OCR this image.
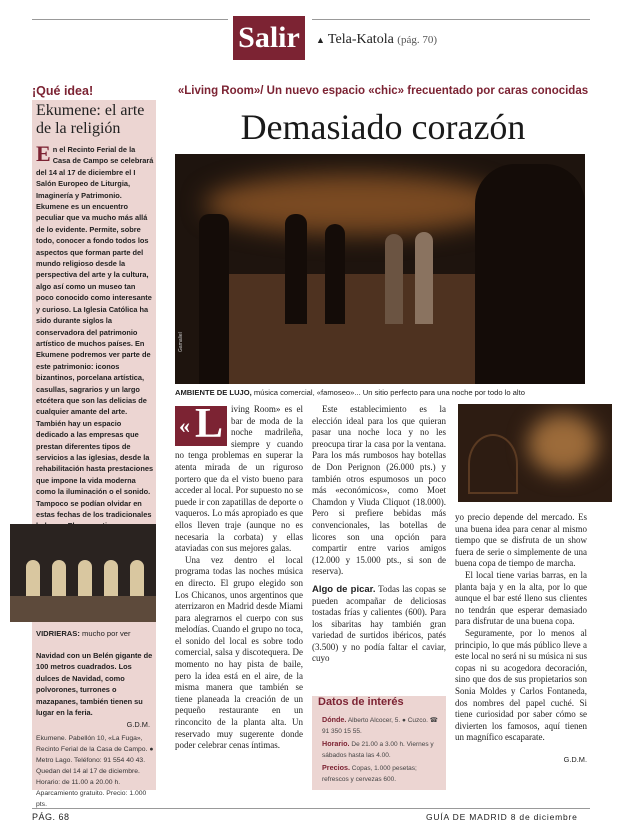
Salir	▲ Tela-Katola (pág. 70)
¡Qué idea!
Ekumene: el arte de la religión
En el Recinto Ferial de la Casa de Campo se celebrará del 14 al 17 de diciembre el I Salón Europeo de Liturgia, Imaginería y Patrimonio. Ekumene es un encuentro peculiar que va mucho más allá de lo evidente. Permite, sobre todo, conocer a fondo todos los aspectos que forman parte del mundo religioso desde la perspectiva del arte y la cultura, algo así como un museo tan poco conocido como interesante y curioso. La Iglesia Católica ha sido durante siglos la conservadora del patrimonio artístico de muchos países. En Ekumene podremos ver parte de este patrimonio: iconos bizantinos, porcelana artística, casullas, sagrarios y un largo etcétera que son las delicias de cualquier amante del arte. También hay un espacio dedicado a las empresas que prestan diferentes tipos de servicios a las iglesias, desde la rehabilitación hasta prestaciones que impone la vida moderna como la iluminación o el sonido. Tampoco se podían olvidar en estas fechas de los tradicionales
VIDRIERAS: mucho por ver
Navidad con un Belén gigante de 100 metros cuadrados. Los dulces de Navidad, como polvorones, turrones o mazapanes, también tienen su lugar en la feria.
G.D.M.
Ekumene. Pabellón 10, «La Fuga», Recinto Ferial de la Casa de Campo. ● Metro Lago. Teléfono: 91 554 40 43. Quedan del 14 al 17 de diciembre. Horario: de 11.00 a 20.00 h. Aparcamiento gratuito. Precio: 1.000 pts.
«Living Room»/ Un nuevo espacio «chic» frecuentado por caras conocidas
Demasiado corazón
Gamaliel
AMBIENTE DE LUJO, música comercial, «famoseo»... Un sitio perfecto para una noche por todo lo alto
« L iving Room» es el bar de moda de la noche madrileña, siempre y cuando no tenga problemas en superar la atenta mirada de un riguroso portero que da el visto bueno para acceder al local. Por supuesto no se puede ir con zapatillas de deporte o vaqueros. Lo más apropiado es que ellos lleven traje (aunque no es necesaria la corbata) y ellas ataviadas con sus mejores galas.

Una vez dentro el local programa todas las noches música en directo. El grupo elegido son Los Chicanos, unos argentinos que aterrizaron en Madrid desde Miami para alegrarnos el cuerpo con sus melodías. Cuando el grupo no toca, el sonido del local es sobre todo comercial, salsa y discotequera. De momento no hay pista de baile, pero la idea está en el aire, de la misma manera que también se tiene planeada la creación de un pequeño restaurante en un rinconcito de la planta alta. Un reservado muy sugerente donde poder celebrar cenas íntimas.

Este establecimiento es la elección ideal para los que quieran pasar una noche loca y no les preocupa tirar la casa por la ventana. Para los más rumbosos hay botellas de Don Perignon (26.000 pts.) y también otros espumosos un poco más «económicos», como Moet Chamdon y Viuda Cliquot (18.000). Pero si prefiere bebidas más convencionales, las botellas de licores son una opción para compartir entre varios amigos (12.000 y 15.000 pts., si son de reserva).

Algo de picar. Todas las copas se pueden acompañar de deliciosas tostadas frías y calientes (600). Para los sibaritas hay también gran variedad de surtidos ibéricos, patés (3.500) y no podía faltar el caviar, cuyo

yo precio depende del mercado. Es una buena idea para cenar al mismo tiempo que se disfruta de un show fuera de serie o simplemente de una buena copa de tiempo de marcha.

El local tiene varias barras, en la planta baja y en la alta, por lo que aunque el bar esté lleno sus clientes no tendrán que esperar demasiado para disfrutar de una buena copa.

Seguramente, por lo menos al principio, lo que más público lleve a este local no será ni su música ni sus copas ni su acogedora decoración, sino que dos de sus propietarios son Sonia Moldes y Carlos Fontaneda, dos nombres del papel cuché. Si tiene curiosidad por saber cómo se divierten los famosos, aquí tienen un magnífico escaparate.

G.D.M.
Datos de interés
Dónde. Alberto Alcocer, 5. ● Cuzco. ☎ 91 350 15 55.
Horario. De 21.00 a 3.00 h. Viernes y sábados hasta las 4.00.
Precios. Copas, 1.000 pesetas; refrescos y cervezas 600.
PÁG. 68	GUÍA DE MADRID 8 de diciembre
